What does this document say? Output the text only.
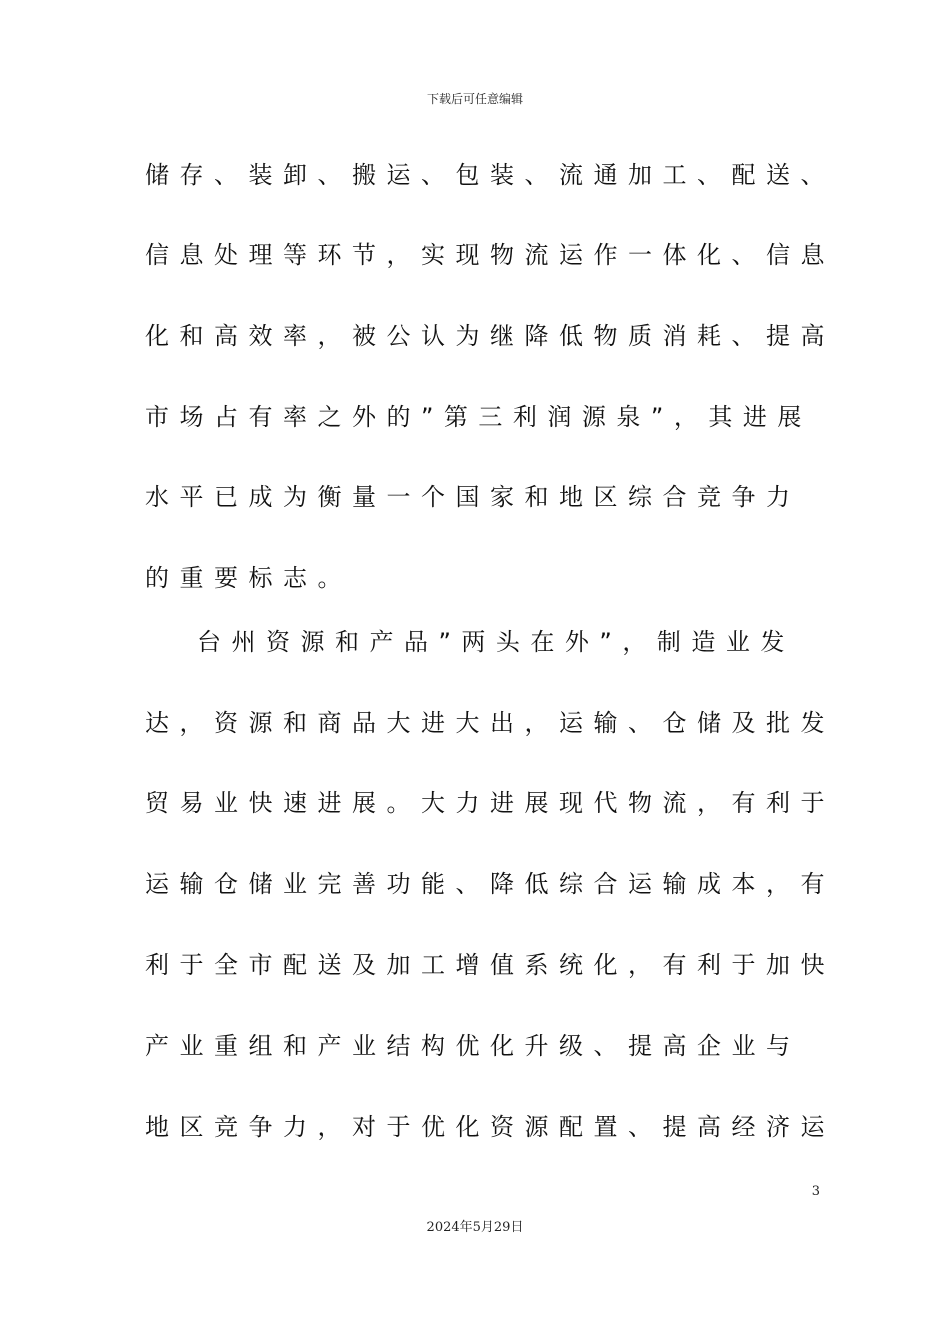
下载后可任意编辑
储存、装卸、搬运、包装、流通加工、配送、
信息处理等环节，实现物流运作一体化、信息
化和高效率，被公认为继降低物质消耗、提高
市场占有率之外的”第三利润源泉”，其进展
水平已成为衡量一个国家和地区综合竞争力
的重要标志。
台州资源和产品”两头在外”，制造业发
达，资源和商品大进大出，运输、仓储及批发
贸易业快速进展。大力进展现代物流，有利于
运输仓储业完善功能、降低综合运输成本，有
利于全市配送及加工增值系统化，有利于加快
产业重组和产业结构优化升级、提高企业与
地区竞争力，对于优化资源配置、提高经济运
3
2024年5月29日
